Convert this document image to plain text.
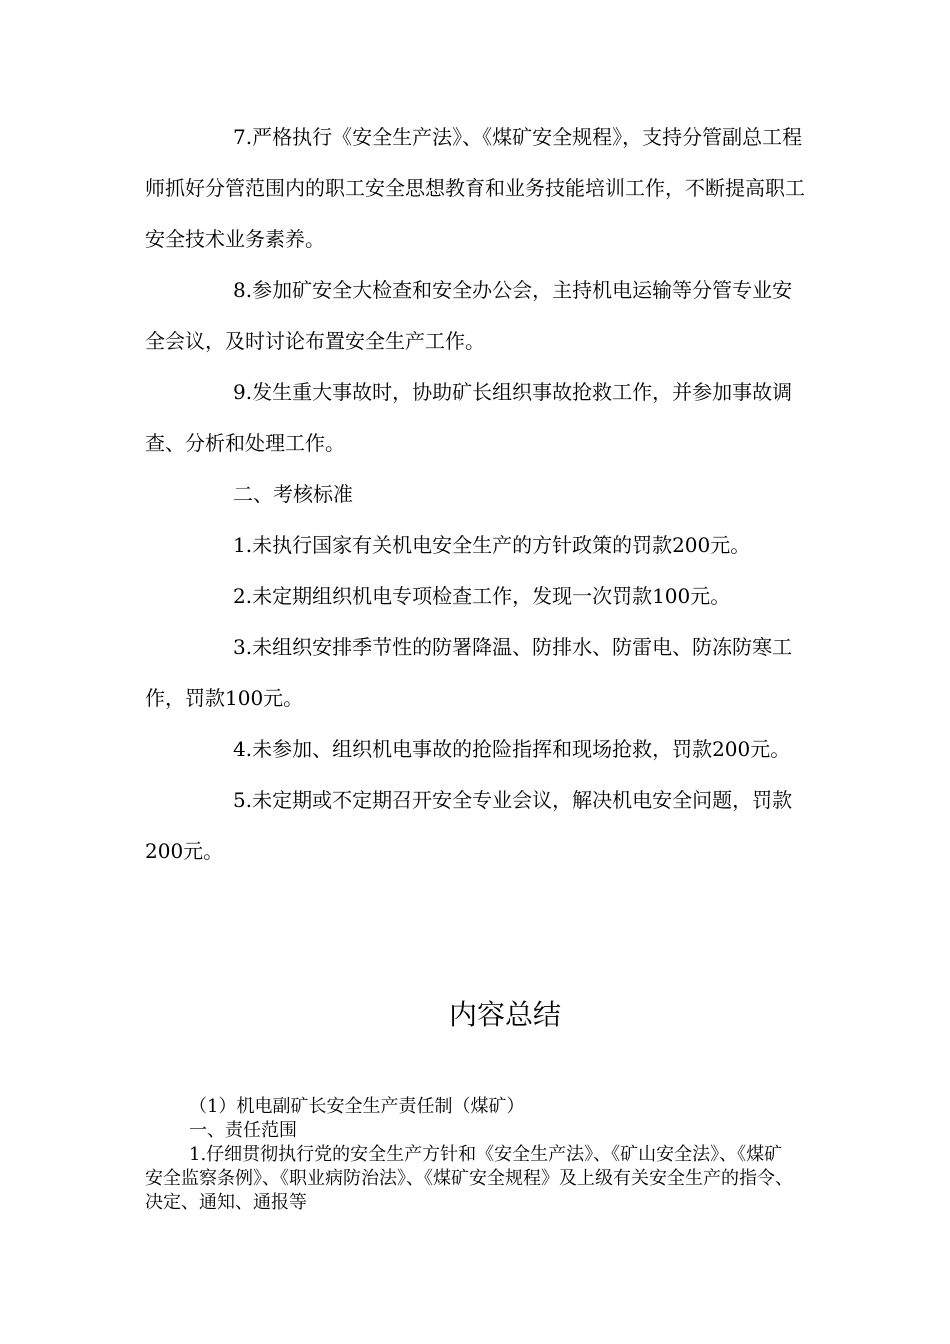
7.严格执行《安全生产法》、《煤矿安全规程》，支持分管副总工程师抓好分管范围内的职工安全思想教育和业务技能培训工作，不断提高职工安全技术业务素养。

8.参加矿安全大检查和安全办公会，主持机电运输等分管专业安全会议，及时讨论布置安全生产工作。

9.发生重大事故时，协助矿长组织事故抢救工作，并参加事故调查、分析和处理工作。

二、考核标准

1.未执行国家有关机电安全生产的方针政策的罚款200元。

2.未定期组织机电专项检查工作，发现一次罚款100元。

3.未组织安排季节性的防署降温、防排水、防雷电、防冻防寒工作，罚款100元。

4.未参加、组织机电事故的抢险指挥和现场抢救，罚款200元。

5.未定期或不定期召开安全专业会议，解决机电安全问题，罚款200元。

内容总结

（1）机电副矿长安全生产责任制（煤矿）

一、责任范围

1.仔细贯彻执行党的安全生产方针和《安全生产法》、《矿山安全法》、《煤矿安全监察条例》、《职业病防治法》、《煤矿安全规程》及上级有关安全生产的指令、决定、通知、通报等
